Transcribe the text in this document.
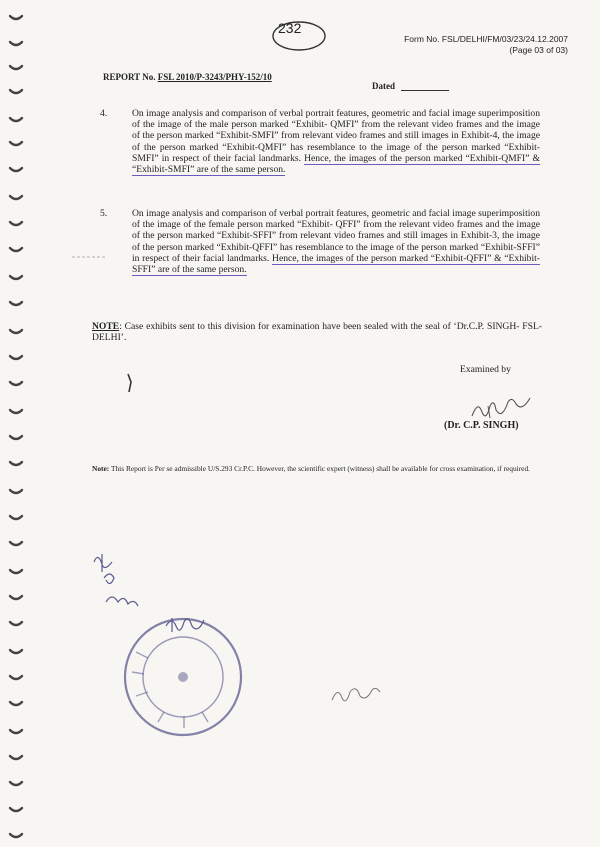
232
Form No. FSL/DELHI/FM/03/23/24.12.2007
(Page 03 of 03)
REPORT No. FSL 2010/P-3243/PHY-152/10
Dated
4.	On image analysis and comparison of verbal portrait features, geometric and facial image superimposition of the image of the male person marked “Exhibit- QMFI” from the relevant video frames and the image of the person marked “Exhibit-SMFI” from relevant video frames and still images in Exhibit-4, the image of the person marked “Exhibit-QMFI” has resemblance to the image of the person marked “Exhibit-SMFI” in respect of their facial landmarks. Hence, the images of the person marked “Exhibit-QMFI” & “Exhibit-SMFI” are of the same person.
5.	On image analysis and comparison of verbal portrait features, geometric and facial image superimposition of the image of the female person marked “Exhibit- QFFI” from the relevant video frames and the image of the person marked “Exhibit-SFFI” from relevant video frames and still images in Exhibit-3, the image of the person marked “Exhibit-QFFI” has resemblance to the image of the person marked “Exhibit-SFFI” in respect of their facial landmarks. Hence, the images of the person marked “Exhibit-QFFI” & “Exhibit-SFFI” are of the same person.
NOTE: Case exhibits sent to this division for examination have been sealed with the seal of ‘Dr.C.P. SINGH- FSL-DELHI’.
Examined by
(Dr. C.P. SINGH)
Note: This Report is Per se admissible U/S.293 Cr.P.C. However, the scientific expert (witness) shall be available for cross examination, if required.
